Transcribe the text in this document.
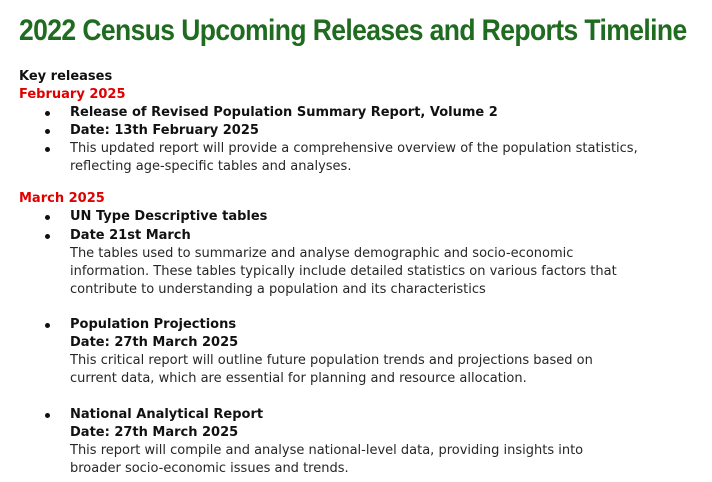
2022 Census Upcoming Releases and Reports Timeline
Key releases
February 2025
Release of Revised Population Summary Report, Volume 2
Date: 13th February 2025
This updated report will provide a comprehensive overview of the population statistics,
reflecting age-specific tables and analyses.
March 2025
UN Type Descriptive tables
Date 21st March
The tables used to summarize and analyse demographic and socio-economic
information. These tables typically include detailed statistics on various factors that
contribute to understanding a population and its characteristics
Population Projections
Date: 27th March 2025
This critical report will outline future population trends and projections based on
current data, which are essential for planning and resource allocation.
National Analytical Report
Date: 27th March 2025
This report will compile and analyse national-level data, providing insights into
broader socio-economic issues and trends.
